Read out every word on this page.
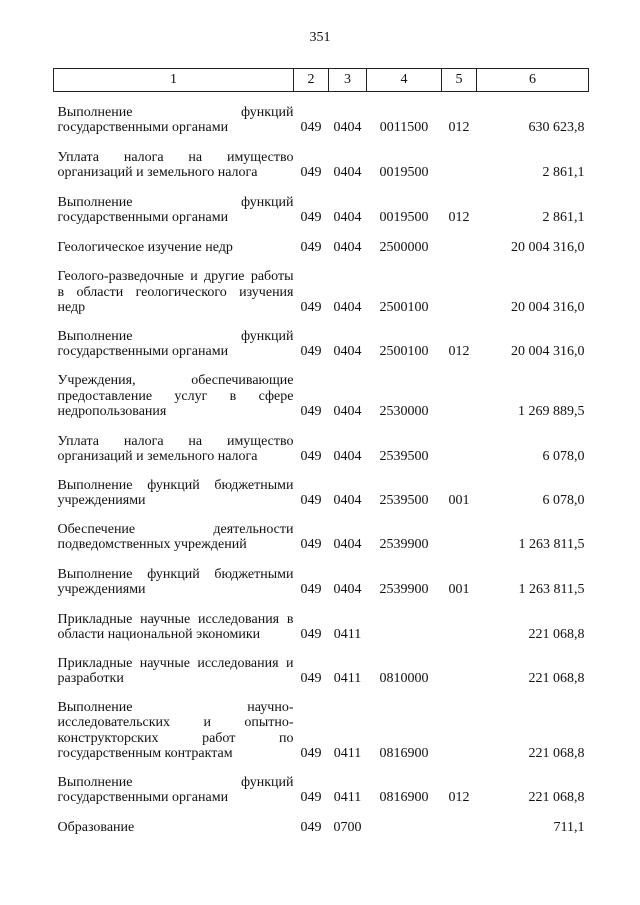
351
1	2	3	4	5	6
Выполнение функций государственными органами	049	0404	0011500	012	630 623,8
Уплата налога на имущество организаций и земельного налога	049	0404	0019500		2 861,1
Выполнение функций государственными органами	049	0404	0019500	012	2 861,1
Геологическое изучение недр	049	0404	2500000		20 004 316,0
Геолого-разведочные и другие работы в области геологического изучения недр	049	0404	2500100		20 004 316,0
Выполнение функций государственными органами	049	0404	2500100	012	20 004 316,0
Учреждения, обеспечивающие предоставление услуг в сфере недропользования	049	0404	2530000		1 269 889,5
Уплата налога на имущество организаций и земельного налога	049	0404	2539500		6 078,0
Выполнение функций бюджетными учреждениями	049	0404	2539500	001	6 078,0
Обеспечение деятельности подведомственных учреждений	049	0404	2539900		1 263 811,5
Выполнение функций бюджетными учреждениями	049	0404	2539900	001	1 263 811,5
Прикладные научные исследования в области национальной экономики	049	0411			221 068,8
Прикладные научные исследования и разработки	049	0411	0810000		221 068,8
Выполнение научно-исследовательских и опытно-конструкторских работ по государственным контрактам	049	0411	0816900		221 068,8
Выполнение функций государственными органами	049	0411	0816900	012	221 068,8
Образование	049	0700			711,1
